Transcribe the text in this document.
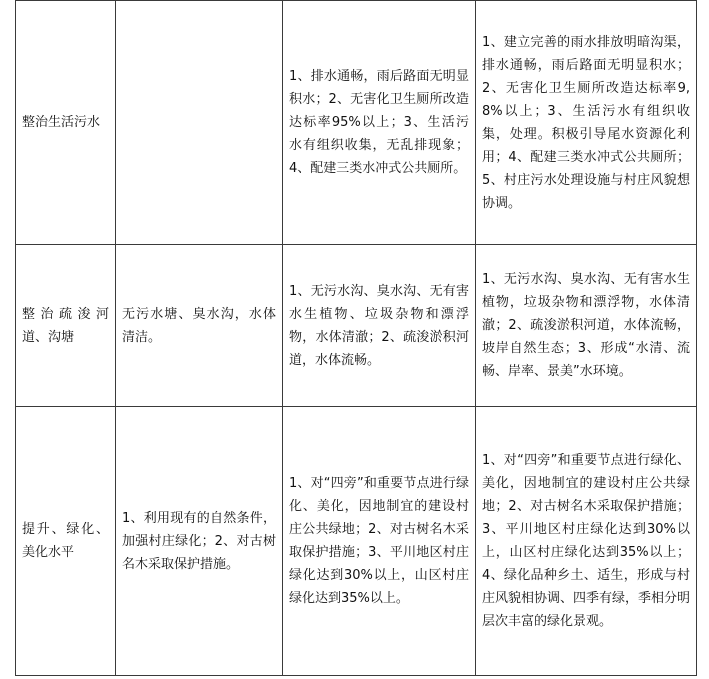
整治生活污水		1、排水通畅，雨后路面无明显积水；2、无害化卫生厕所改造达标率95%以上；3、生活污水有组织收集，无乱排现象；4、配建三类水冲式公共厕所。	1、建立完善的雨水排放明暗沟渠，排水通畅，雨后路面无明显积水；2、无害化卫生厕所改造达标率9,8%以上；3、生活污水有组织收集，处理。积极引导尾水资源化利用；4、配建三类水冲式公共厕所；5、村庄污水处理设施与村庄风貌想协调。

整治疏浚河道、沟塘	无污水塘、臭水沟，水体清洁。	1、无污水沟、臭水沟、无有害水生植物、垃圾杂物和漂浮物，水体清澈；2、疏浚淤积河道，水体流畅。	1、无污水沟、臭水沟、无有害水生植物，垃圾杂物和漂浮物，水体清澈；2、疏浚淤积河道，水体流畅，坡岸自然生态；3、形成“水清、流畅、岸率、景美”水环境。

提升、绿化、美化水平	1、利用现有的自然条件，加强村庄绿化；2、对古树名木采取保护措施。	1、对“四旁”和重要节点进行绿化、美化，因地制宜的建设村庄公共绿地；2、对古树名木采取保护措施；3、平川地区村庄绿化达到30%以上，山区村庄绿化达到35%以上。	1、对“四旁”和重要节点进行绿化、美化，因地制宜的建设村庄公共绿地；2、对古树名木采取保护措施；3、平川地区村庄绿化达到30%以上，山区村庄绿化达到35%以上；4、绿化品种乡土、适生，形成与村庄风貌相协调、四季有绿，季相分明层次丰富的绿化景观。
